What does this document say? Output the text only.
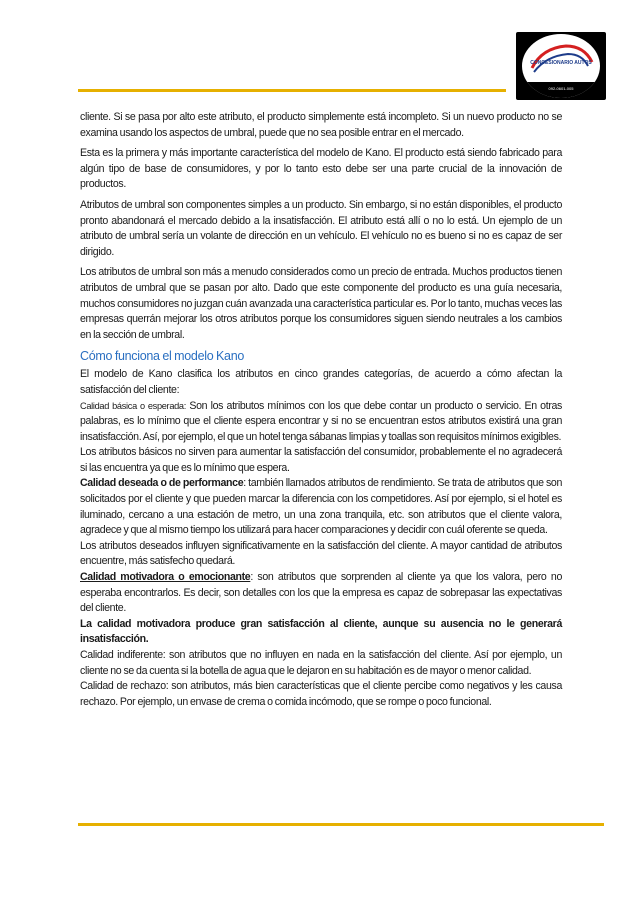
CONCESIONARIO AUTOS
092-0601-005

cliente. Si se pasa por alto este atributo, el producto simplemente está incompleto. Si un nuevo producto no se examina usando los aspectos de umbral, puede que no sea posible entrar en el mercado.

Esta es la primera y más importante característica del modelo de Kano. El producto está siendo fabricado para algún tipo de base de consumidores, y por lo tanto esto debe ser una parte crucial de la innovación de productos.

Atributos de umbral son componentes simples a un producto. Sin embargo, si no están disponibles, el producto pronto abandonará el mercado debido a la insatisfacción. El atributo está allí o no lo está. Un ejemplo de un atributo de umbral sería un volante de dirección en un vehículo. El vehículo no es bueno si no es capaz de ser dirigido.

Los atributos de umbral son más a menudo considerados como un precio de entrada. Muchos productos tienen atributos de umbral que se pasan por alto. Dado que este componente del producto es una guía necesaria, muchos consumidores no juzgan cuán avanzada una característica particular es. Por lo tanto, muchas veces las empresas querrán mejorar los otros atributos porque los consumidores siguen siendo neutrales a los cambios en la sección de umbral.

Cómo funciona el modelo Kano

El modelo de Kano clasifica los atributos en cinco grandes categorías, de acuerdo a cómo afectan la satisfacción del cliente:

Calidad básica o esperada: Son los atributos mínimos con los que debe contar un producto o servicio. En otras palabras, es lo mínimo que el cliente espera encontrar y si no se encuentran estos atributos existirá una gran insatisfacción. Así, por ejemplo, el que un hotel tenga sábanas limpias y toallas son requisitos mínimos exigibles.

Los atributos básicos no sirven para aumentar la satisfacción del consumidor, probablemente el no agradecerá si las encuentra ya que es lo mínimo que espera.

Calidad deseada o de performance: también llamados atributos de rendimiento. Se trata de atributos que son solicitados por el cliente y que pueden marcar la diferencia con los competidores. Así por ejemplo, si el hotel es iluminado, cercano a una estación de metro, un una zona tranquila, etc. son atributos que el cliente valora, agradece y que al mismo tiempo los utilizará para hacer comparaciones y decidir con cuál oferente se queda.

Los atributos deseados influyen significativamente en la satisfacción del cliente. A mayor cantidad de atributos encuentre, más satisfecho quedará.

Calidad motivadora o emocionante: son atributos que sorprenden al cliente ya que los valora, pero no esperaba encontrarlos. Es decir, son detalles con los que la empresa es capaz de sobrepasar las expectativas del cliente.

La calidad motivadora produce gran satisfacción al cliente, aunque su ausencia no le generará insatisfacción.

Calidad indiferente: son atributos que no influyen en nada en la satisfacción del cliente. Así por ejemplo, un cliente no se da cuenta si la botella de agua que le dejaron en su habitación es de mayor o menor calidad.

Calidad de rechazo: son atributos, más bien características que el cliente percibe como negativos y les causa rechazo. Por ejemplo, un envase de crema o comida incómodo, que se rompe o poco funcional.
